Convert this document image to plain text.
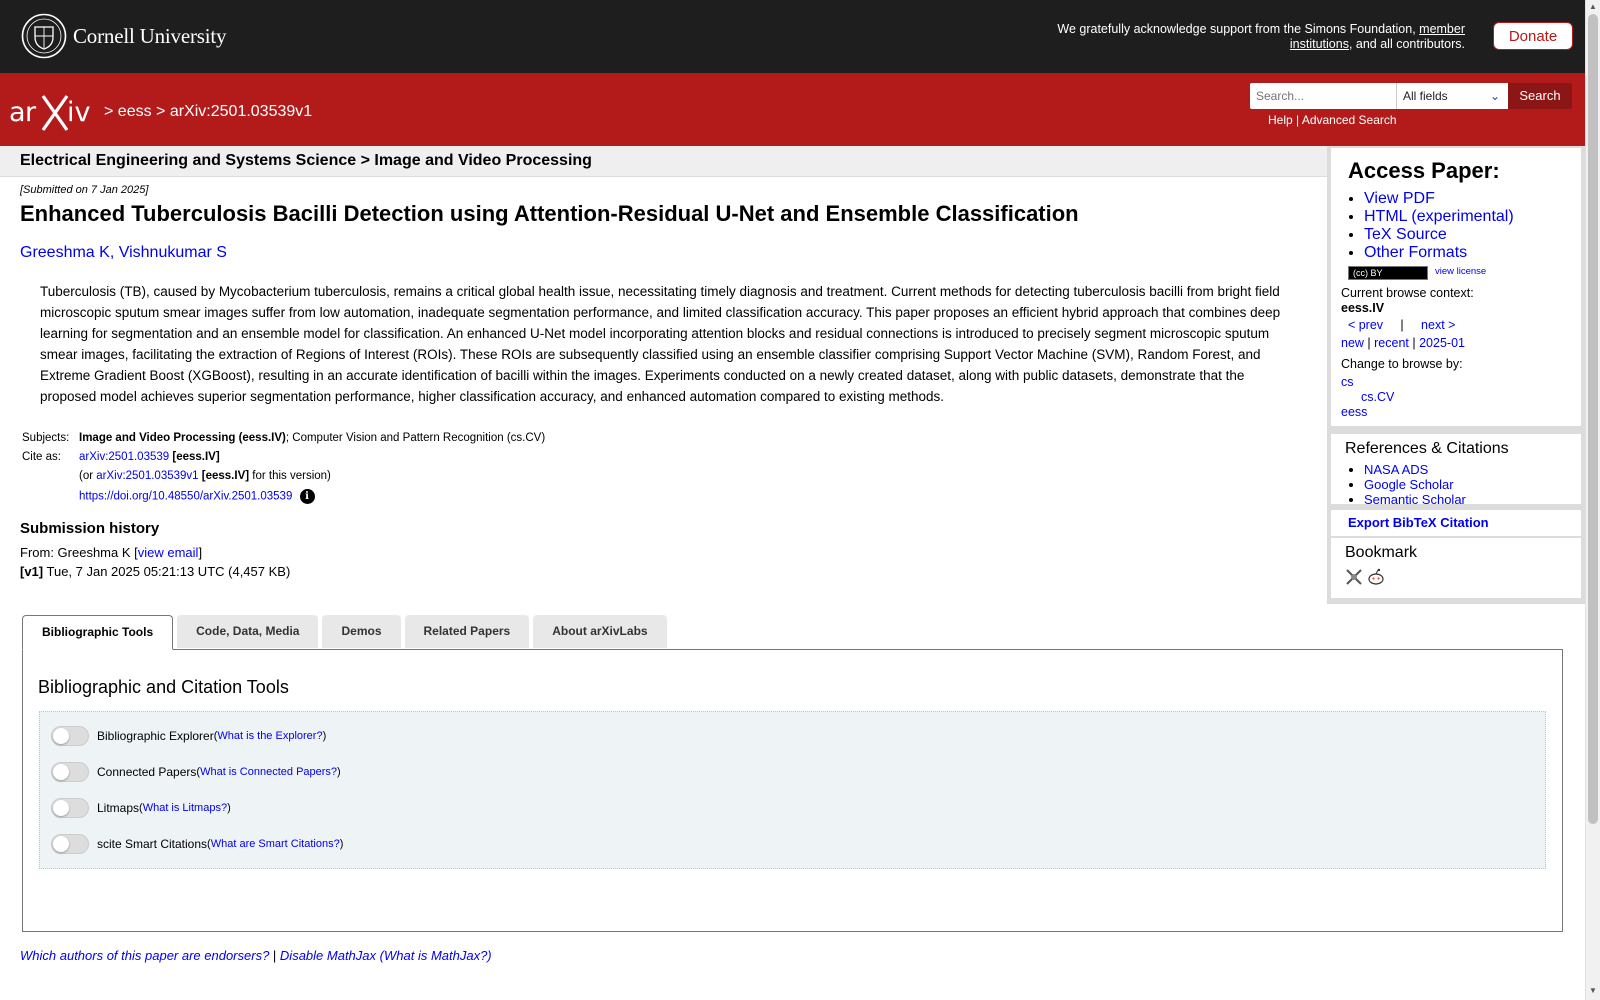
Cornell University	We gratefully acknowledge support from the Simons Foundation, member institutions, and all contributors.	Donate
ar iv > eess > arXiv:2501.03539v1
Search...
All fields	⌄	Search
Help | Advanced Search
Electrical Engineering and Systems Science > Image and Video Processing
[Submitted on 7 Jan 2025]
Enhanced Tuberculosis Bacilli Detection using Attention-Residual U-Net and Ensemble Classification
Greeshma K, Vishnukumar S
Tuberculosis (TB), caused by Mycobacterium tuberculosis, remains a critical global health issue, necessitating timely diagnosis and treatment. Current methods for detecting tuberculosis bacilli from bright field microscopic sputum smear images suffer from low automation, inadequate segmentation performance, and limited classification accuracy. This paper proposes an efficient hybrid approach that combines deep learning for segmentation and an ensemble model for classification. An enhanced U-Net model incorporating attention blocks and residual connections is introduced to precisely segment microscopic sputum smear images, facilitating the extraction of Regions of Interest (ROIs). These ROIs are subsequently classified using an ensemble classifier comprising Support Vector Machine (SVM), Random Forest, and Extreme Gradient Boost (XGBoost), resulting in an accurate identification of bacilli within the images. Experiments conducted on a newly created dataset, along with public datasets, demonstrate that the proposed model achieves superior segmentation performance, higher classification accuracy, and enhanced automation compared to existing methods.
Subjects:	Image and Video Processing (eess.IV); Computer Vision and Pattern Recognition (cs.CV)
Cite as:	arXiv:2501.03539 [eess.IV]
	(or arXiv:2501.03539v1 [eess.IV] for this version)
	https://doi.org/10.48550/arXiv.2501.03539 i
Submission history
From: Greeshma K [view email]
[v1] Tue, 7 Jan 2025 05:21:13 UTC (4,457 KB)
Access Paper:
• View PDF
• HTML (experimental)
• TeX Source
• Other Formats
(cc) BY	view license
Current browse context:
eess.IV
< prev | next >
new | recent | 2025-01
Change to browse by:
cs
cs.CV
eess
References & Citations
• NASA ADS
• Google Scholar
• Semantic Scholar
Export BibTeX Citation
Bookmark
Bibliographic Tools	Code, Data, Media	Demos	Related Papers	About arXivLabs
Bibliographic and Citation Tools
Bibliographic Explorer ( What is the Explorer? )
Connected Papers ( What is Connected Papers? )
Litmaps ( What is Litmaps? )
scite Smart Citations ( What are Smart Citations? )
Which authors of this paper are endorsers? | Disable MathJax (What is MathJax?)
▲
▼
